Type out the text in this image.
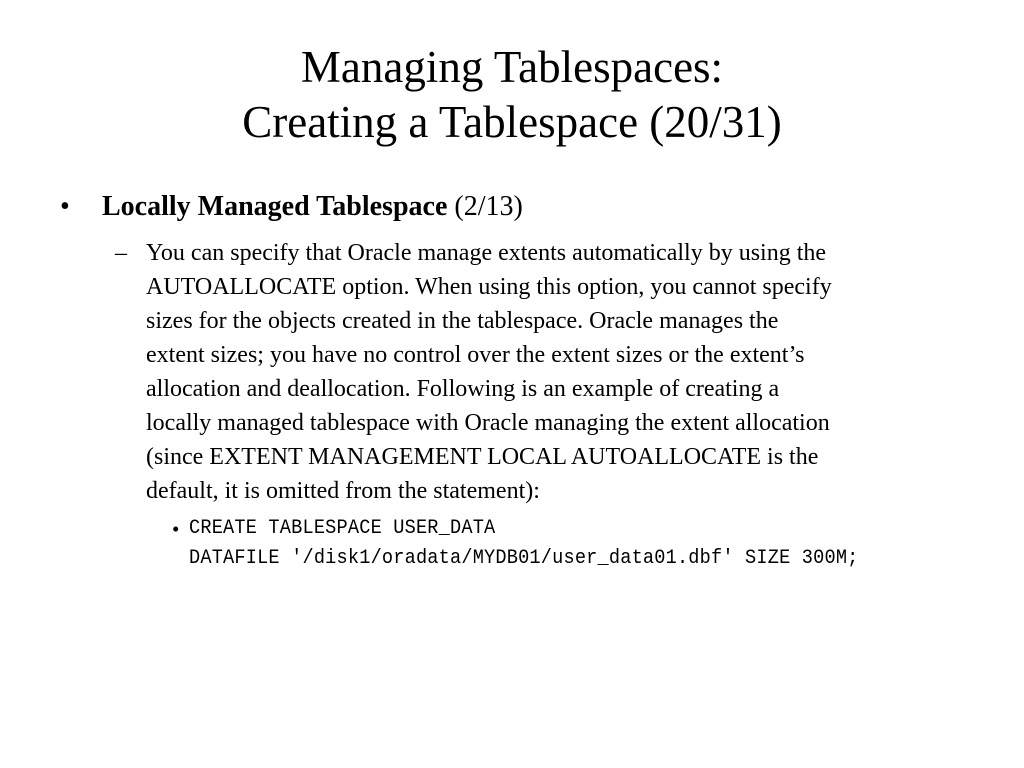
Managing Tablespaces:
Creating a Tablespace (20/31)
•	Locally Managed Tablespace (2/13)
– You can specify that Oracle manage extents automatically by using the
AUTOALLOCATE option. When using this option, you cannot specify
sizes for the objects created in the tablespace. Oracle manages the
extent sizes; you have no control over the extent sizes or the extent’s
allocation and deallocation. Following is an example of creating a
locally managed tablespace with Oracle managing the extent allocation
(since EXTENT MANAGEMENT LOCAL AUTOALLOCATE is the
default, it is omitted from the statement):
• CREATE TABLESPACE USER_DATA
DATAFILE '/disk1/oradata/MYDB01/user_data01.dbf' SIZE 300M;
